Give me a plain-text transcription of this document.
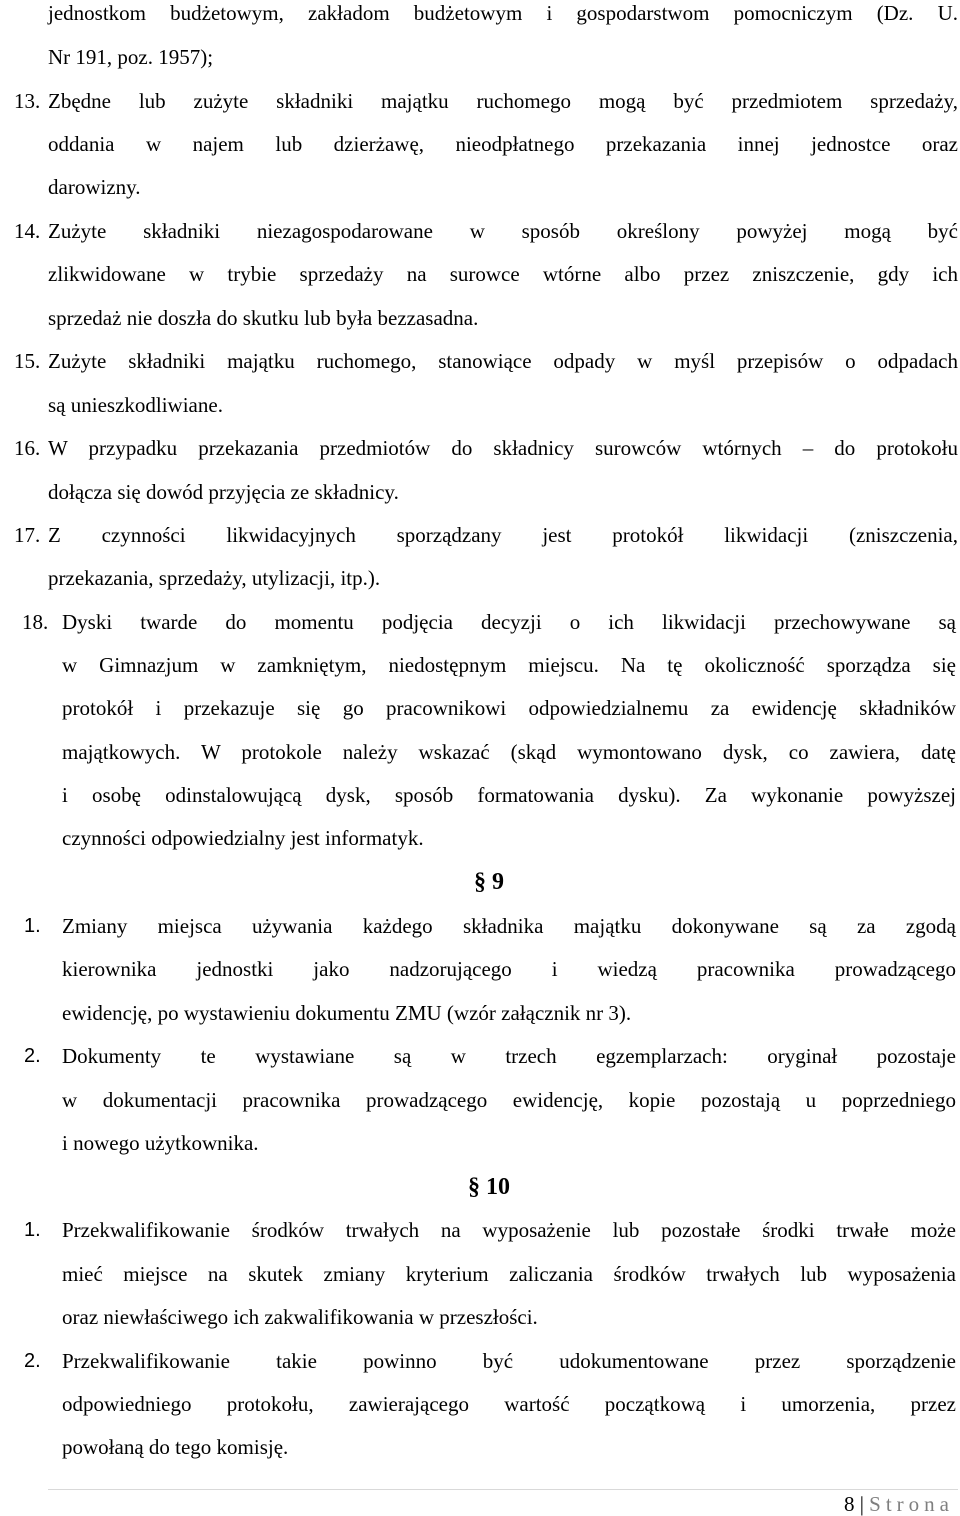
jednostkom budżetowym, zakładom budżetowym i gospodarstwom pomocniczym (Dz. U.
Nr 191, poz. 1957);
13. Zbędne lub zużyte składniki majątku ruchomego mogą być przedmiotem sprzedaży,
oddania w najem lub dzierżawę, nieodpłatnego przekazania innej jednostce oraz
darowizny.
14. Zużyte składniki niezagospodarowane w sposób określony powyżej mogą być
zlikwidowane w trybie sprzedaży na surowce wtórne albo przez zniszczenie, gdy ich
sprzedaż nie doszła do skutku lub była bezzasadna.
15. Zużyte składniki majątku ruchomego, stanowiące odpady w myśl przepisów o odpadach
są unieszkodliwiane.
16. W przypadku przekazania przedmiotów do składnicy surowców wtórnych – do protokołu
dołącza się dowód przyjęcia ze składnicy.
17. Z czynności likwidacyjnych sporządzany jest protokół likwidacji (zniszczenia,
przekazania, sprzedaży, utylizacji, itp.).
18. Dyski twarde do momentu podjęcia decyzji o ich likwidacji przechowywane są
w Gimnazjum w zamkniętym, niedostępnym miejscu. Na tę okoliczność sporządza się
protokół i przekazuje się go pracownikowi odpowiedzialnemu za ewidencję składników
majątkowych. W protokole należy wskazać (skąd wymontowano dysk, co zawiera, datę
i osobę odinstalowującą dysk, sposób formatowania dysku). Za wykonanie powyższej
czynności odpowiedzialny jest informatyk.
§ 9
1. Zmiany miejsca używania każdego składnika majątku dokonywane są za zgodą
kierownika jednostki jako nadzorującego i wiedzą pracownika prowadzącego
ewidencję, po wystawieniu dokumentu ZMU (wzór załącznik nr 3).
2. Dokumenty te wystawiane są w trzech egzemplarzach: oryginał pozostaje
w dokumentacji pracownika prowadzącego ewidencję, kopie pozostają u poprzedniego
i nowego użytkownika.
§ 10
1. Przekwalifikowanie środków trwałych na wyposażenie lub pozostałe środki trwałe może
mieć miejsce na skutek zmiany kryterium zaliczania środków trwałych lub wyposażenia
oraz niewłaściwego ich zakwalifikowania w przeszłości.
2. Przekwalifikowanie takie powinno być udokumentowane przez sporządzenie
odpowiedniego protokołu, zawierającego wartość początkową i umorzenia, przez
powołaną do tego komisję.
8 | Strona
